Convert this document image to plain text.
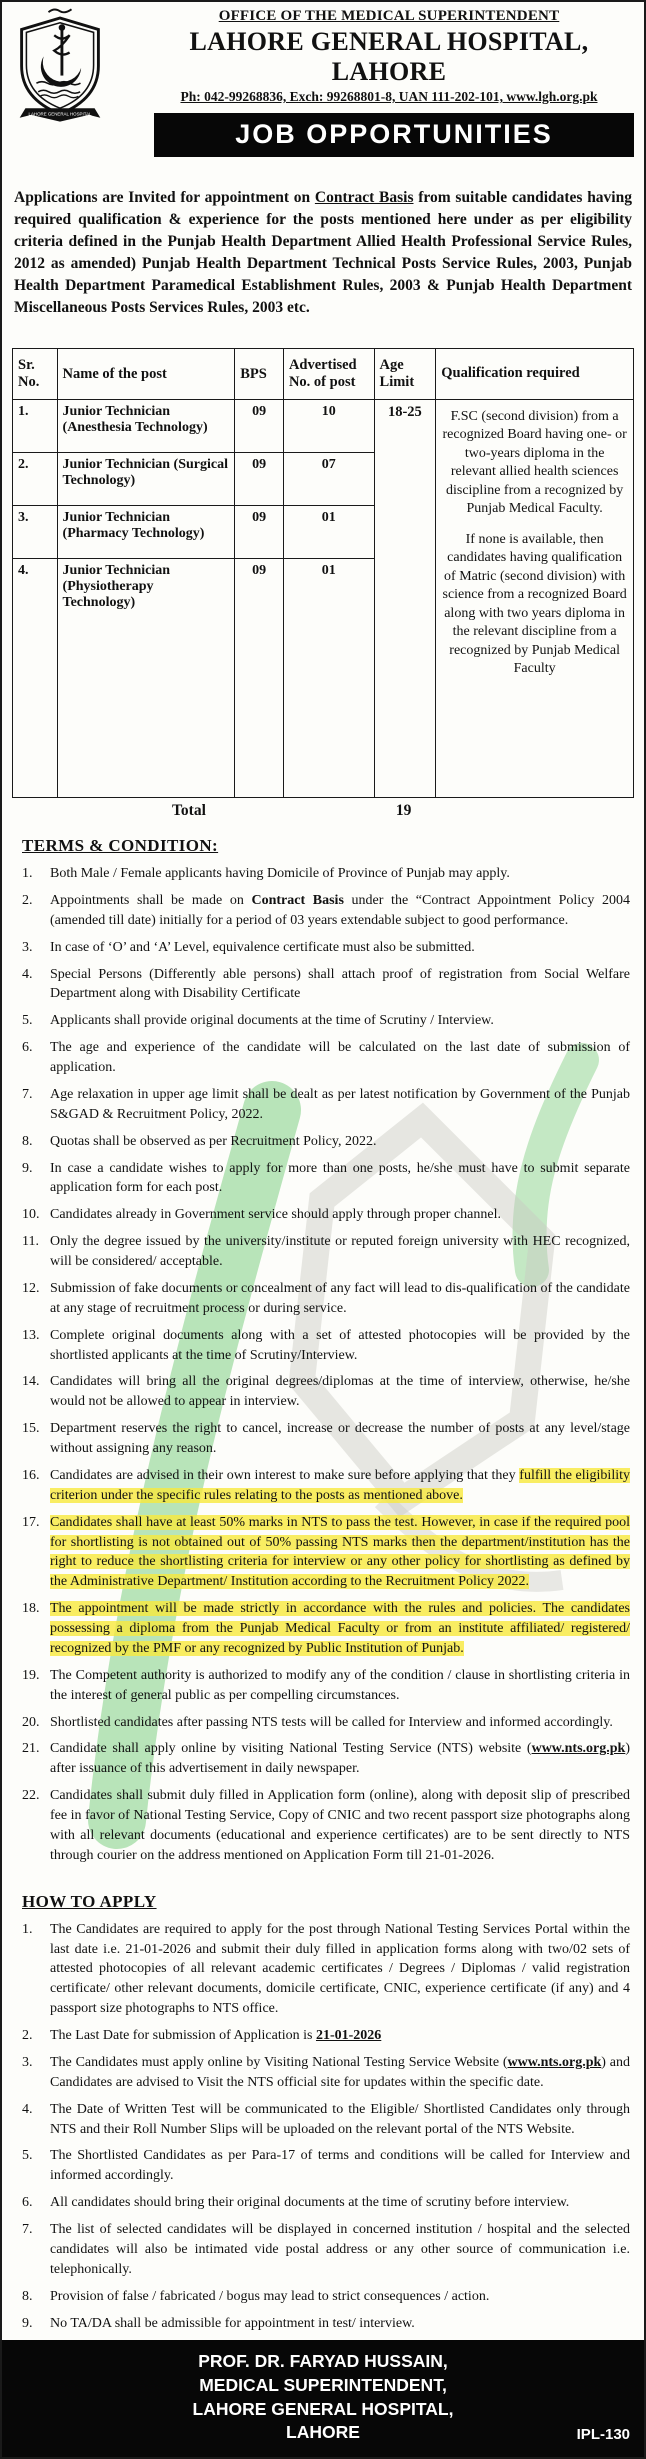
LAHORE GENERAL HOSPITAL
OFFICE OF THE MEDICAL SUPERINTENDENT
LAHORE GENERAL HOSPITAL, LAHORE
Ph: 042-99268836, Exch: 99268801-8, UAN 111-202-101, www.lgh.org.pk
JOB OPPORTUNITIES

Applications are Invited for appointment on Contract Basis from suitable candidates having required qualification & experience for the posts mentioned here under as per eligibility criteria defined in the Punjab Health Department Allied Health Professional Service Rules, 2012 as amended) Punjab Health Department Technical Posts Service Rules, 2003, Punjab Health Department Paramedical Establishment Rules, 2003 & Punjab Health Department Miscellaneous Posts Services Rules, 2003 etc.

Sr. No.	Name of the post	BPS	Advertised No. of post	Age Limit	Qualification required
1.	Junior Technician (Anesthesia Technology)	09	10	18-25	F.SC (second division) from a recognized Board having one- or two-years diploma in the relevant allied health sciences discipline from a recognized by Punjab Medical Faculty.

If none is available, then candidates having qualification of Matric (second division) with science from a recognized Board along with two years diploma in the relevant discipline from a recognized by Punjab Medical Faculty

2.	Junior Technician (Surgical Technology)	09	07		
3.	Junior Technician (Pharmacy Technology)	09	01		
4.	Junior Technician (Physiotherapy Technology)	09	01		
Total	19
TERMS & CONDITION:
Both Male / Female applicants having Domicile of Province of Punjab may apply.
Appointments shall be made on Contract Basis under the “Contract Appointment Policy 2004 (amended till date) initially for a period of 03 years extendable subject to good performance.
In case of ‘O’ and ‘A’ Level, equivalence certificate must also be submitted.
Special Persons (Differently able persons) shall attach proof of registration from Social Welfare Department along with Disability Certificate
Applicants shall provide original documents at the time of Scrutiny / Interview.
The age and experience of the candidate will be calculated on the last date of submission of application.
Age relaxation in upper age limit shall be dealt as per latest notification by Government of the Punjab S&GAD & Recruitment Policy, 2022.
Quotas shall be observed as per Recruitment Policy, 2022.
In case a candidate wishes to apply for more than one posts, he/she must have to submit separate application form for each post.
Candidates already in Government service should apply through proper channel.
Only the degree issued by the university/institute or reputed foreign university with HEC recognized, will be considered/ acceptable.
Submission of fake documents or concealment of any fact will lead to dis-qualification of the candidate at any stage of recruitment process or during service.
Complete original documents along with a set of attested photocopies will be provided by the shortlisted applicants at the time of Scrutiny/Interview.
Candidates will bring all the original degrees/diplomas at the time of interview, otherwise, he/she would not be allowed to appear in interview.
Department reserves the right to cancel, increase or decrease the number of posts at any level/stage without assigning any reason.
Candidates are advised in their own interest to make sure before applying that they fulfill the eligibility criterion under the specific rules relating to the posts as mentioned above.
Candidates shall have at least 50% marks in NTS to pass the test. However, in case if the required pool for shortlisting is not obtained out of 50% passing NTS marks then the department/institution has the right to reduce the shortlisting criteria for interview or any other policy for shortlisting as defined by the Administrative Department/ Institution according to the Recruitment Policy 2022.
The appointment will be made strictly in accordance with the rules and policies. The candidates possessing a diploma from the Punjab Medical Faculty or from an institute affiliated/ registered/ recognized by the PMF or any recognized by Public Institution of Punjab.
The Competent authority is authorized to modify any of the condition / clause in shortlisting criteria in the interest of general public as per compelling circumstances.
Shortlisted candidates after passing NTS tests will be called for Interview and informed accordingly.
Candidate shall apply online by visiting National Testing Service (NTS) website (www.nts.org.pk) after issuance of this advertisement in daily newspaper.
Candidates shall submit duly filled in Application form (online), along with deposit slip of prescribed fee in favor of National Testing Service, Copy of CNIC and two recent passport size photographs along with all relevant documents (educational and experience certificates) are to be sent directly to NTS through courier on the address mentioned on Application Form till 21-01-2026.
HOW TO APPLY
The Candidates are required to apply for the post through National Testing Services Portal within the last date i.e. 21-01-2026 and submit their duly filled in application forms along with two/02 sets of attested photocopies of all relevant academic certificates / Degrees / Diplomas / valid registration certificate/ other relevant documents, domicile certificate, CNIC, experience certificate (if any) and 4 passport size photographs to NTS office.
The Last Date for submission of Application is 21-01-2026
The Candidates must apply online by Visiting National Testing Service Website (www.nts.org.pk) and Candidates are advised to Visit the NTS official site for updates within the specific date.
The Date of Written Test will be communicated to the Eligible/ Shortlisted Candidates only through NTS and their Roll Number Slips will be uploaded on the relevant portal of the NTS Website.
The Shortlisted Candidates as per Para-17 of terms and conditions will be called for Interview and informed accordingly.
All candidates should bring their original documents at the time of scrutiny before interview.
The list of selected candidates will be displayed in concerned institution / hospital and the selected candidates will also be intimated vide postal address or any other source of communication i.e. telephonically.
Provision of false / fabricated / bogus may lead to strict consequences / action.
No TA/DA shall be admissible for appointment in test/ interview.
PROF. DR. FARYAD HUSSAIN,
MEDICAL SUPERINTENDENT,
LAHORE GENERAL HOSPITAL,
LAHORE	IPL-130
